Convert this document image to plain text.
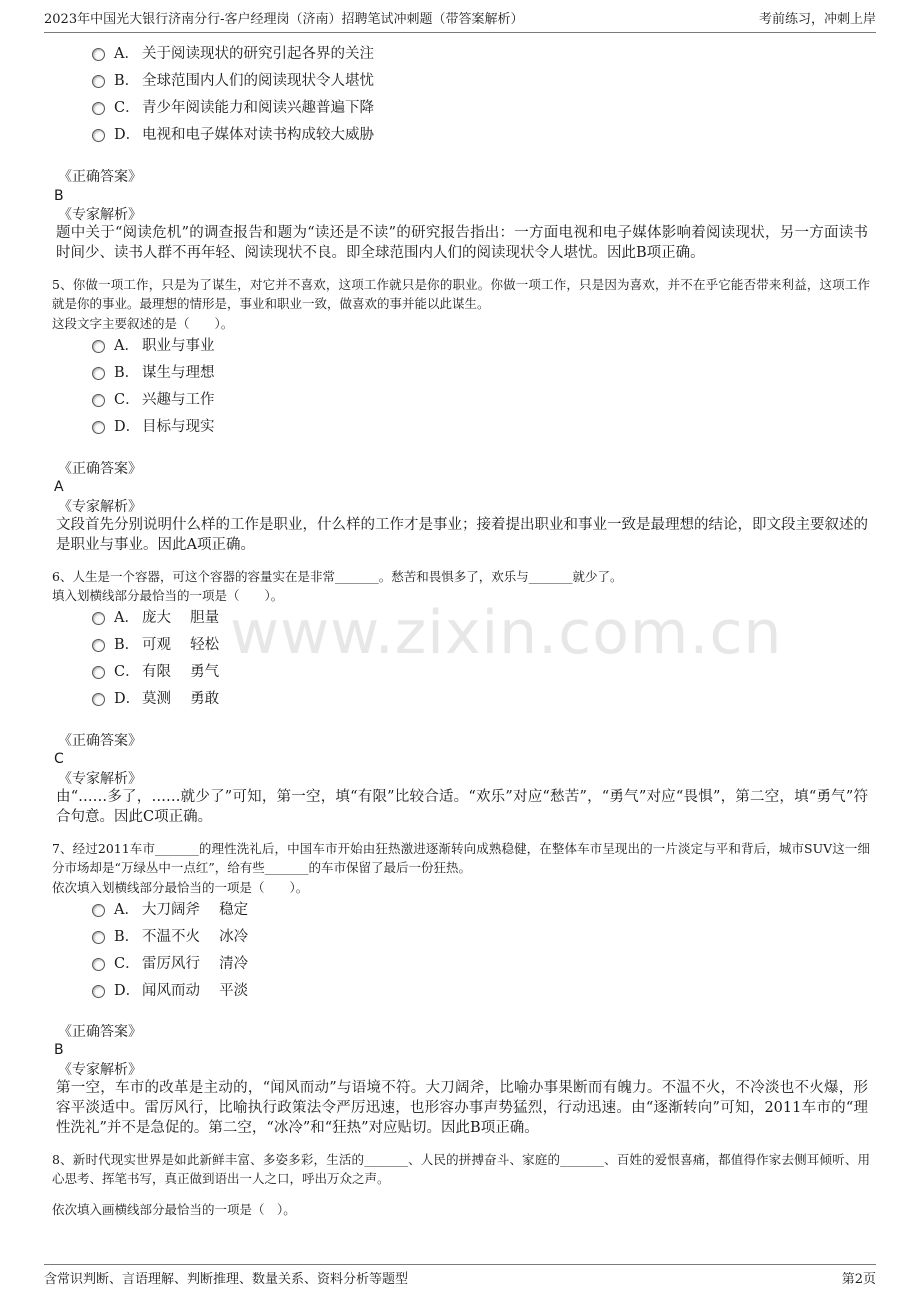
2023年中国光大银行济南分行-客户经理岗（济南）招聘笔试冲刺题（带答案解析）	考前练习，冲刺上岸
www.zixin.com.cn
A． 关于阅读现状的研究引起各界的关注
B． 全球范围内人们的阅读现状令人堪忧
C． 青少年阅读能力和阅读兴趣普遍下降
D． 电视和电子媒体对读书构成较大威胁
《正确答案》
B
《专家解析》
题中关于“阅读危机”的调查报告和题为“读还是不读”的研究报告指出：一方面电视和电子媒体影响着阅读现状，另一方面读书时间少、读书人群不再年轻、阅读现状不良。即全球范围内人们的阅读现状令人堪忧。因此B项正确。
5、你做一项工作，只是为了谋生，对它并不喜欢，这项工作就只是你的职业。你做一项工作，只是因为喜欢，并不在乎它能否带来利益，这项工作就是你的事业。最理想的情形是，事业和职业一致，做喜欢的事并能以此谋生。
这段文字主要叙述的是（　　）。
A． 职业与事业
B． 谋生与理想
C． 兴趣与工作
D． 目标与现实
《正确答案》
A
《专家解析》
文段首先分别说明什么样的工作是职业，什么样的工作才是事业；接着提出职业和事业一致是最理想的结论，即文段主要叙述的是职业与事业。因此A项正确。
6、人生是一个容器，可这个容器的容量实在是非常_______。愁苦和畏惧多了，欢乐与_______就少了。
填入划横线部分最恰当的一项是（　　）。
A． 庞大　 胆量
B． 可观　 轻松
C． 有限　 勇气
D． 莫测　 勇敢
《正确答案》
C
《专家解析》
由“……多了，……就少了”可知，第一空，填“有限”比较合适。“欢乐”对应“愁苦”，“勇气”对应“畏惧”，第二空，填“勇气”符合句意。因此C项正确。
7、经过2011车市_______的理性洗礼后，中国车市开始由狂热激进逐渐转向成熟稳健，在整体车市呈现出的一片淡定与平和背后，城市SUV这一细分市场却是“万绿丛中一点红”，给有些_______的车市保留了最后一份狂热。
依次填入划横线部分最恰当的一项是（　　）。
A． 大刀阔斧　 稳定
B． 不温不火　 冰冷
C． 雷厉风行　 清冷
D． 闻风而动　 平淡
《正确答案》
B
《专家解析》
第一空，车市的改革是主动的，“闻风而动”与语境不符。大刀阔斧，比喻办事果断而有魄力。不温不火，不冷淡也不火爆，形容平淡适中。雷厉风行，比喻执行政策法令严厉迅速，也形容办事声势猛烈，行动迅速。由“逐渐转向”可知，2011车市的“理性洗礼”并不是急促的。第二空，“冰冷”和“狂热”对应贴切。因此B项正确。
8、新时代现实世界是如此新鲜丰富、多姿多彩，生活的_______、人民的拼搏奋斗、家庭的_______、百姓的爱恨喜痛，都值得作家去侧耳倾听、用心思考、挥笔书写，真正做到语出一人之口，呼出万众之声。
依次填入画横线部分最恰当的一项是（　）。
含常识判断、言语理解、判断推理、数量关系、资料分析等题型	第2页
